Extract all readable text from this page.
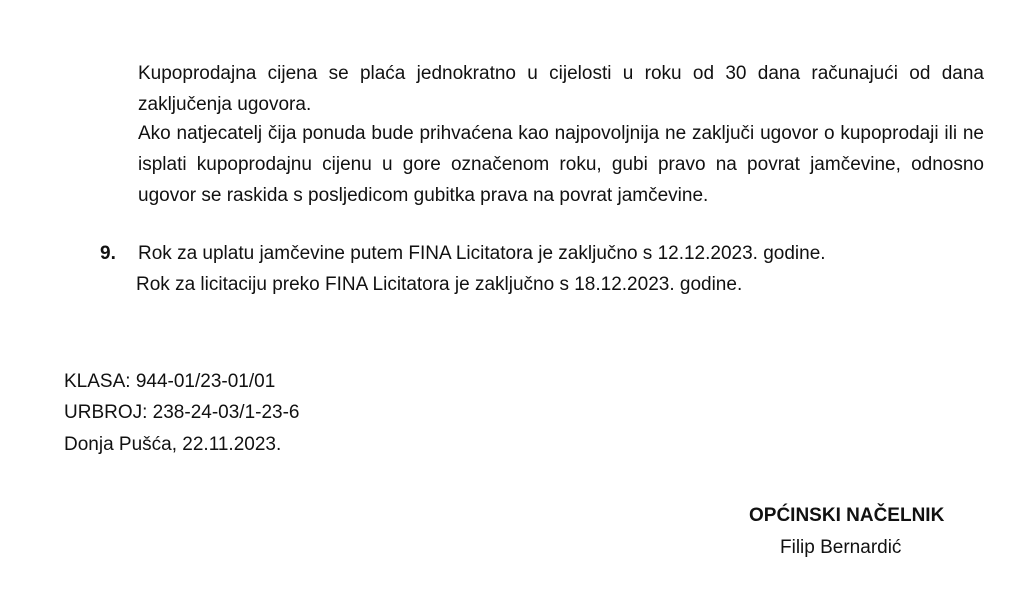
Kupoprodajna cijena se plaća jednokratno u cijelosti u roku od 30 dana računajući od dana zaključenja ugovora.
Ako natjecatelj čija ponuda bude prihvaćena kao najpovoljnija ne zaključi ugovor o kupoprodaji ili ne isplati kupoprodajnu cijenu u gore označenom roku, gubi pravo na povrat jamčevine, odnosno ugovor se raskida s posljedicom gubitka prava na povrat jamčevine.
9. Rok za uplatu jamčevine putem FINA Licitatora je zaključno s 12.12.2023. godine.
Rok za licitaciju preko FINA Licitatora je zaključno s 18.12.2023. godine.
KLASA: 944-01/23-01/01
URBROJ: 238-24-03/1-23-6
Donja Pušća, 22.11.2023.
OPĆINSKI NAČELNIK
Filip Bernardić
